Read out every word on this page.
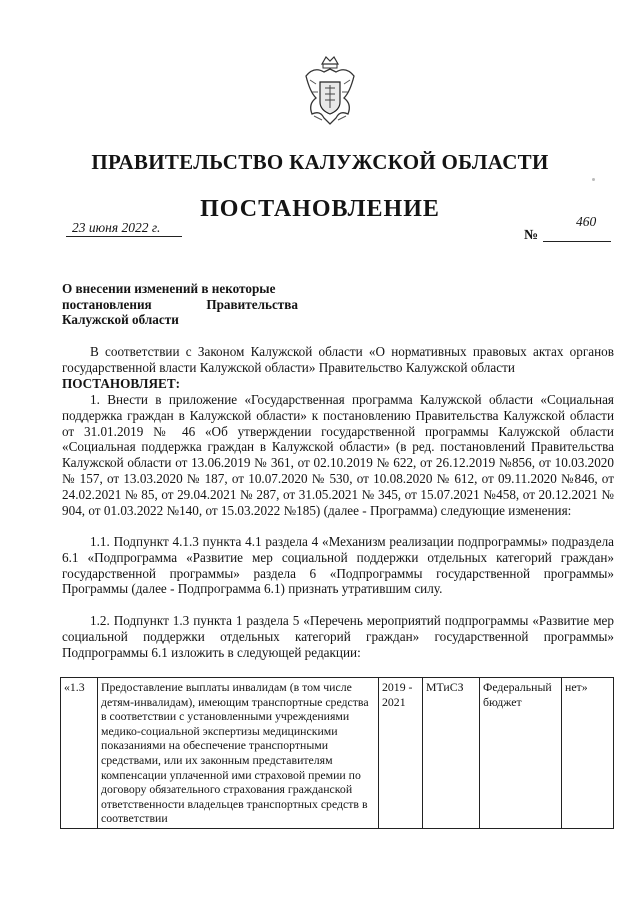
ПРАВИТЕЛЬСТВО КАЛУЖСКОЙ ОБЛАСТИ
ПОСТАНОВЛЕНИЕ
23 июня 2022 г.
№
460
О внесении изменений в некоторые
постановления	Правительства
Калужской области
В соответствии с Законом Калужской области «О нормативных правовых актах органов государственной власти Калужской области» Правительство Калужской области
ПОСТАНОВЛЯЕТ:
1. Внести в приложение «Государственная программа Калужской области «Социальная поддержка граждан в Калужской области» к постановлению Правительства Калужской области от 31.01.2019 № 46 «Об утверждении государственной программы Калужской области «Социальная поддержка граждан в Калужской области» (в ред. постановлений Правительства Калужской области от 13.06.2019 № 361, от 02.10.2019 № 622, от 26.12.2019 №856, от 10.03.2020 № 157, от 13.03.2020 № 187, от 10.07.2020 № 530, от 10.08.2020 № 612, от 09.11.2020 №846, от 24.02.2021 № 85, от 29.04.2021 № 287, от 31.05.2021 № 345, от 15.07.2021 №458, от 20.12.2021 № 904, от 01.03.2022 №140, от 15.03.2022 №185) (далее - Программа) следующие изменения:
1.1. Подпункт 4.1.3 пункта 4.1 раздела 4 «Механизм реализации подпрограммы» подраздела 6.1 «Подпрограмма «Развитие мер социальной поддержки отдельных категорий граждан» государственной программы» раздела 6 «Подпрограммы государственной программы» Программы (далее - Подпрограмма 6.1) признать утратившим силу.
1.2. Подпункт 1.3 пункта 1 раздела 5 «Перечень мероприятий подпрограммы «Развитие мер социальной поддержки отдельных категорий граждан» государственной программы» Подпрограммы 6.1 изложить в следующей редакции:
«1.3	Предоставление выплаты инвалидам (в том числе детям-инвалидам), имеющим транспортные средства в соответствии с установленными учреждениями медико-социальной экспертизы медицинскими показаниями на обеспечение транспортными средствами, или их законным представителям компенсации уплаченной ими страховой премии по договору обязательного страхования гражданской ответственности владельцев транспортных средств в соответствии	2019 - 2021	МТиСЗ	Федеральный бюджет	нет»
